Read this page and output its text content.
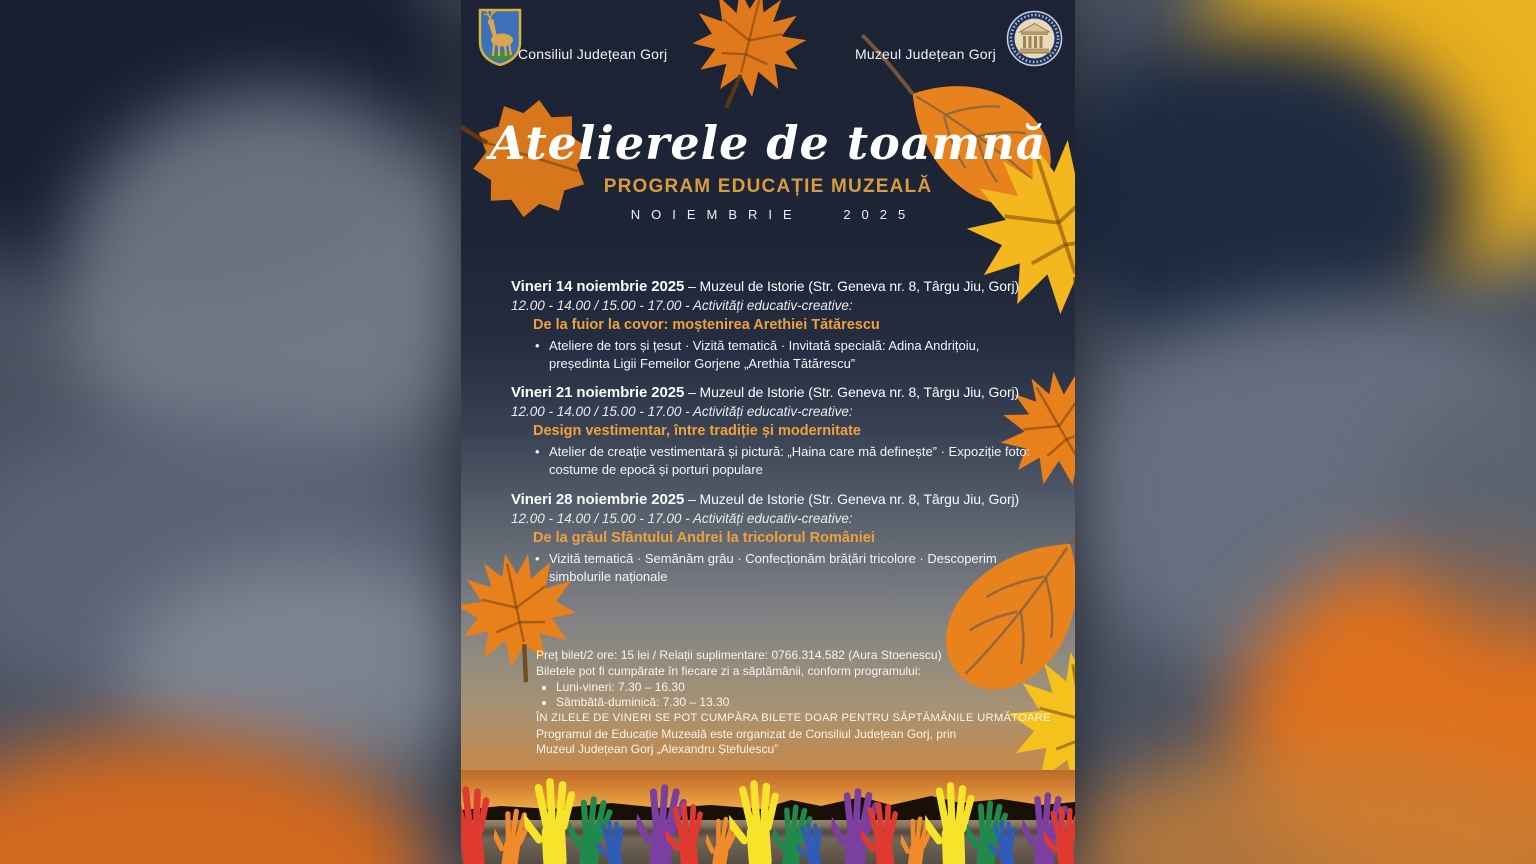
Consiliul Județean Gorj	Muzeul Județean Gorj
Atelierele de toamnă
PROGRAM EDUCAȚIE MUZEALĂ
NOIEMBRIE 2025
Vineri 14 noiembrie 2025 – Muzeul de Istorie (Str. Geneva nr. 8, Târgu Jiu, Gorj)
12.00 - 14.00 / 15.00 - 17.00 - Activități educativ-creative:
De la fuior la covor: moștenirea Arethiei Tătărescu
• Ateliere de tors și țesut · Vizită tematică · Invitată specială: Adina Andrițoiu,
președinta Ligii Femeilor Gorjene „Arethia Tătărescu”
Vineri 21 noiembrie 2025 – Muzeul de Istorie (Str. Geneva nr. 8, Târgu Jiu, Gorj)
12.00 - 14.00 / 15.00 - 17.00 - Activități educativ-creative:
Design vestimentar, între tradiție și modernitate
• Atelier de creație vestimentară și pictură: „Haina care mă definește” · Expoziție foto:
costume de epocă și porturi populare
Vineri 28 noiembrie 2025 – Muzeul de Istorie (Str. Geneva nr. 8, Târgu Jiu, Gorj)
12.00 - 14.00 / 15.00 - 17.00 - Activități educativ-creative:
De la grâul Sfântului Andrei la tricolorul României
• Vizită tematică · Semănăm grâu · Confecționăm brățări tricolore · Descoperim
simbolurile naționale
Preț bilet/2 ore: 15 lei / Relații suplimentare: 0766.314.582 (Aura Stoenescu)
Biletele pot fi cumpărate în fiecare zi a săptămânii, conform programului:
• Luni-vineri: 7.30 – 16.30
• Sâmbătă-duminică: 7.30 – 13.30
ÎN ZILELE DE VINERI SE POT CUMPĂRA BILETE DOAR PENTRU SĂPTĂMÂNILE URMĂTOARE
Programul de Educație Muzeală este organizat de Consiliul Județean Gorj, prin
Muzeul Județean Gorj „Alexandru Ștefulescu”
